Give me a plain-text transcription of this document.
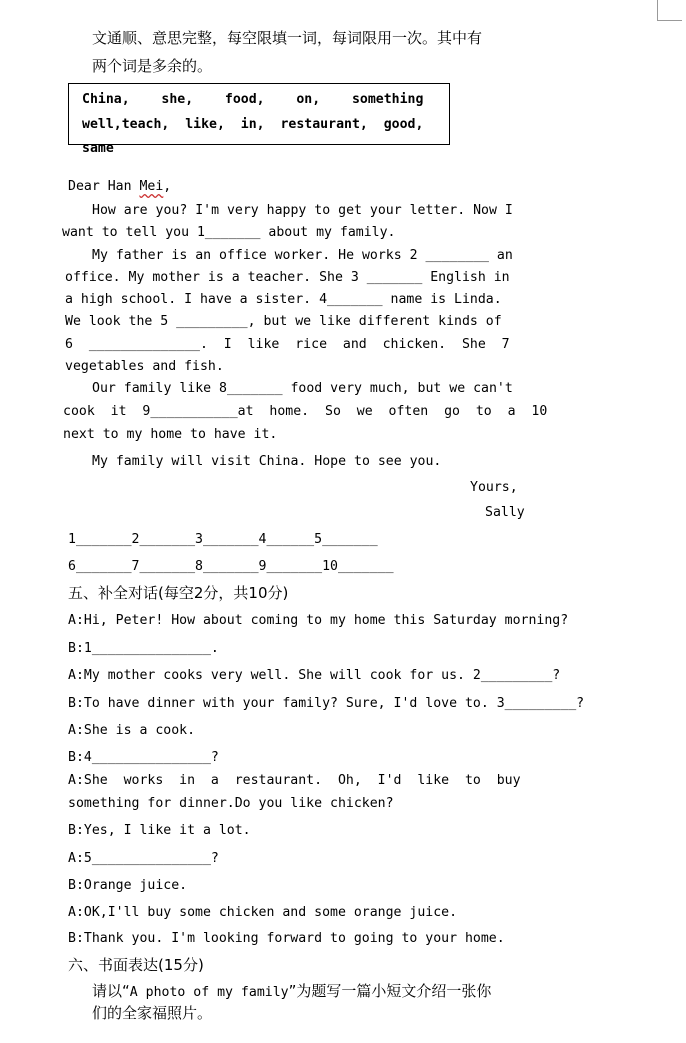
文通顺、意思完整，每空限填一词，每词限用一次。其中有
两个词是多余的。
China,    she,    food,    on,    something
well,teach,  like,  in,  restaurant,  good,
same
Dear Han Mei,
How are you? I'm very happy to get your letter. Now I
want to tell you 1_______ about my family.
My father is an office worker. He works 2 ________ an
office. My mother is a teacher. She 3 _______ English in
a high school. I have a sister. 4_______ name is Linda.
We look the 5 _________, but we like different kinds of
6  ______________.  I  like  rice  and  chicken.  She  7
vegetables and fish.
Our family like 8_______ food very much, but we can't
cook  it  9___________at  home.  So  we  often  go  to  a  10
next to my home to have it.
My family will visit China. Hope to see you.
Yours,
Sally
1_______2_______3_______4______5_______
6_______7_______8_______9_______10_______
五、补全对话(每空2分，共10分)
A:Hi, Peter! How about coming to my home this Saturday morning?
B:1_______________.
A:My mother cooks very well. She will cook for us. 2_________?
B:To have dinner with your family? Sure, I'd love to. 3_________?
A:She is a cook.
B:4_______________?
A:She  works  in  a  restaurant.  Oh,  I'd  like  to  buy
something for dinner.Do you like chicken?
B:Yes, I like it a lot.
A:5_______________?
B:Orange juice.
A:OK,I'll buy some chicken and some orange juice.
B:Thank you. I'm looking forward to going to your home.
六、书面表达(15分)
请以“A photo of my family”为题写一篇小短文介绍一张你
们的全家福照片。
